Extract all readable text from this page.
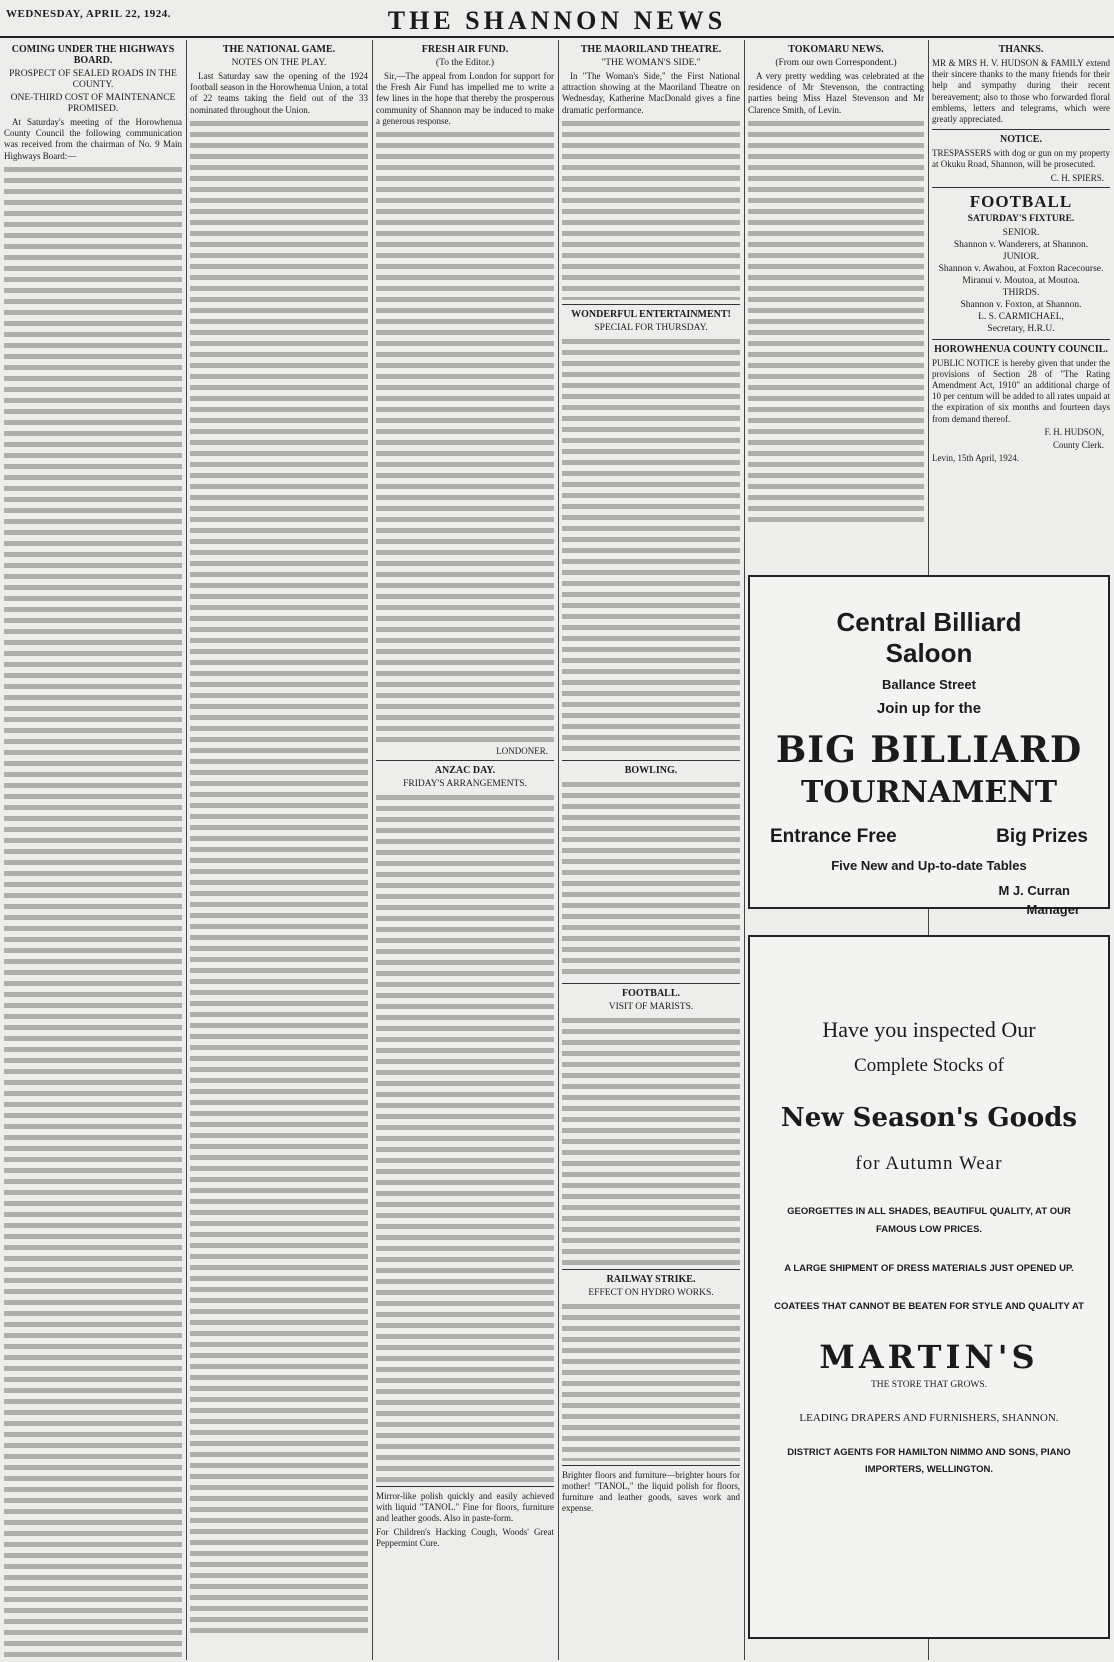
WEDNESDAY, APRIL 22, 1924.	THE SHANNON NEWS
COMING UNDER THE HIGHWAYS BOARD.
PROSPECT OF SEALED ROADS IN THE COUNTY.
ONE-THIRD COST OF MAINTENANCE PROMISED.
At Saturday's meeting of the Horowhenua County Council the following communication was received from the chairman of No. 9 Main Highways Board:—
THE NATIONAL GAME.
NOTES ON THE PLAY.
Last Saturday saw the opening of the 1924 football season in the Horowhenua Union, a total of 22 teams taking the field out of the 33 nominated throughout the Union.
FRESH AIR FUND.
(To the Editor.)
Sir,—The appeal from London for support for the Fresh Air Fund has impelled me to write a few lines in the hope that thereby the prosperous community of Shannon may be induced to make a generous response.
LONDONER.
ANZAC DAY.
FRIDAY'S ARRANGEMENTS.
Mirror-like polish quickly and easily achieved with liquid "TANOL." Fine for floors, furniture and leather goods. Also in paste-form.
For Children's Hacking Cough, Woods' Great Peppermint Cure.
THE MAORILAND THEATRE.
"THE WOMAN'S SIDE."
In "The Woman's Side," the First National attraction showing at the Maoriland Theatre on Wednesday, Katherine MacDonald gives a fine dramatic performance.
WONDERFUL ENTERTAINMENT!
SPECIAL FOR THURSDAY.
BOWLING.
FOOTBALL.
VISIT OF MARISTS.
RAILWAY STRIKE.
EFFECT ON HYDRO WORKS.
Brighter floors and furniture—brighter hours for mother! "TANOL," the liquid polish for floors, furniture and leather goods, saves work and expense.
TOKOMARU NEWS.
(From our own Correspondent.)
A very pretty wedding was celebrated at the residence of Mr Stevenson, the contracting parties being Miss Hazel Stevenson and Mr Clarence Smith, of Levin.
THANKS.
MR & MRS H. V. HUDSON & FAMILY extend their sincere thanks to the many friends for their help and sympathy during their recent bereavement; also to those who forwarded floral emblems, letters and telegrams, which were greatly appreciated.
NOTICE.
TRESPASSERS with dog or gun on my property at Okuku Road, Shannon, will be prosecuted.
C. H. SPIERS.
FOOTBALL
SATURDAY'S FIXTURE.
SENIOR.
Shannon v. Wanderers, at Shannon.
JUNIOR.
Shannon v. Awahou, at Foxton Racecourse.
Miranui v. Moutoa, at Moutoa.
THIRDS.
Shannon v. Foxton, at Shannon.
L. S. CARMICHAEL,
Secretary, H.R.U.
HOROWHENUA COUNTY COUNCIL.
PUBLIC NOTICE is hereby given that under the provisions of Section 28 of "The Rating Amendment Act, 1910" an additional charge of 10 per centum will be added to all rates unpaid at the expiration of six months and fourteen days from demand thereof.
F. H. HUDSON,
County Clerk.
Levin, 15th April, 1924.
Central Billiard
Saloon
Ballance Street
Join up for the
BIG BILLIARD
TOURNAMENT
Entrance Free	Big Prizes
Five New and Up-to-date Tables
M J. Curran
Manager
Have you inspected Our
Complete Stocks of
New Season's Goods
for Autumn Wear
GEORGETTES IN ALL SHADES, BEAUTIFUL QUALITY, AT OUR FAMOUS LOW PRICES.
A LARGE SHIPMENT OF DRESS MATERIALS JUST OPENED UP.
COATEES THAT CANNOT BE BEATEN FOR STYLE AND QUALITY AT
MARTIN'S
THE STORE THAT GROWS.
LEADING DRAPERS AND FURNISHERS, SHANNON.
DISTRICT AGENTS FOR HAMILTON NIMMO AND SONS, PIANO IMPORTERS, WELLINGTON.
